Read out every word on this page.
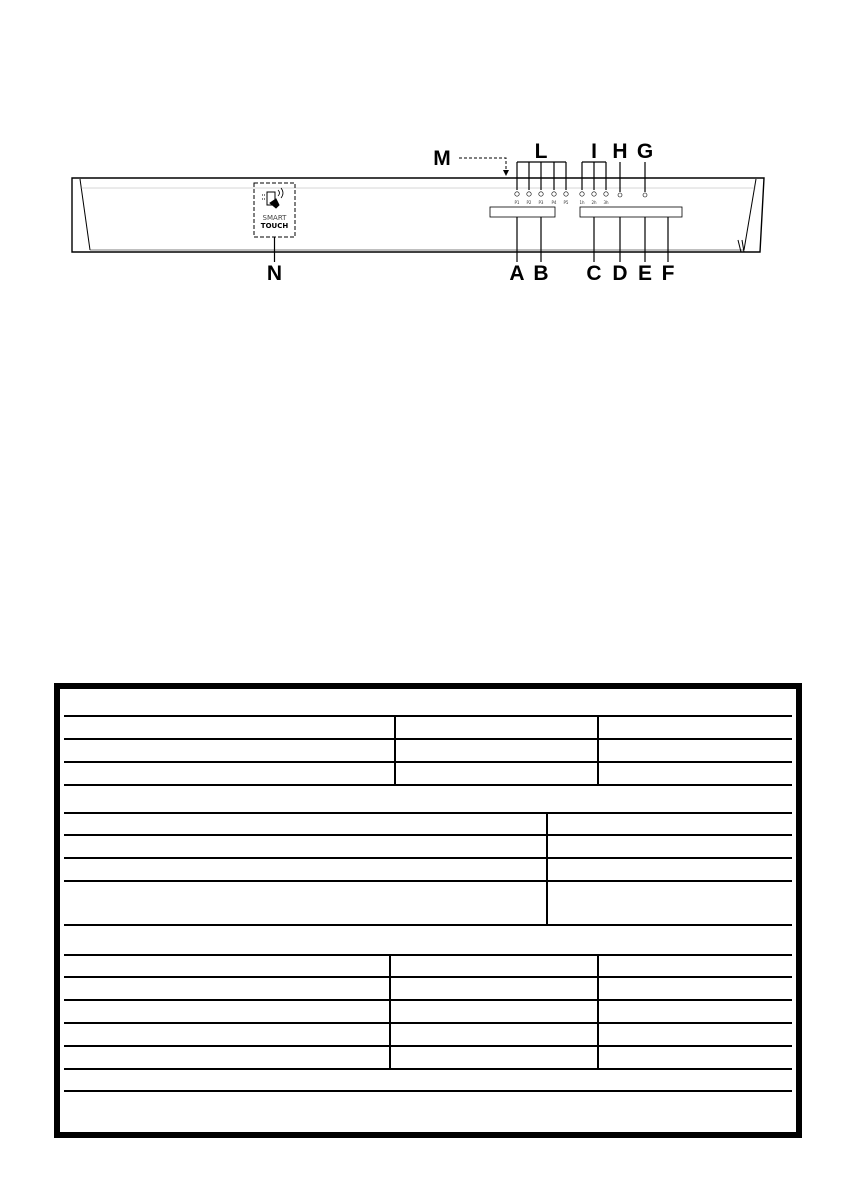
SMART
TOUCH
P1 P2 P3 P4 P5	1h 2h 3h
M	L I H G
N	A B C D E F
